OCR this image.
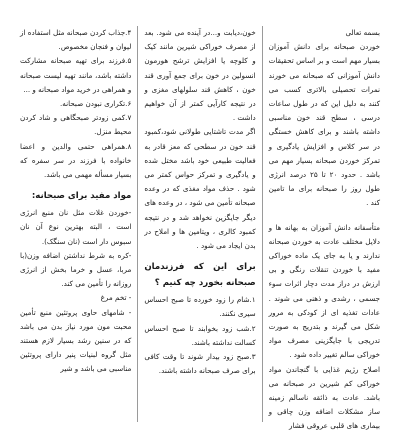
بسمه تعالی

خوردن صبحانه برای دانش آموزان بسیار مهم است و بر اساس تحقیقات دانش آموزانی که صبحانه می خورند نمرات تحصیلی بالاتری کسب می کنند به دلیل این که در طول ساعات درسی ، سطح قند خون مناسبی داشته باشند و برای کاهش خستگی در سر کلاس و افزایش یادگیری و تمرکز خوردن صبحانه بسیار مهم می باشد . حدود ۲۰ تا ۲۵ درصد انرژی طول روز را صبحانه برای ما تامین کند .

متأسفانه دانش آموزان به بهانه ها و دلایل مختلف عادت به خوردن صبحانه ندارند و یا به جای یک ماده خوراکی مفید با خوردن تنقلات رنگی و بی ارزش در دراز مدت دچار اثرات سوء جسمی ، رشدی و ذهنی می شوند . عادات تغذیه ای از کودکی به مرور شکل می گیرند و بتدریج به صورت تدریجی با جایگزینی مصرف مواد خوراکی سالم تغییر داده شود .

اصلاح رژیم غذایی با گنجاندن مواد خوراکی کم شیرین در صبحانه می باشد. عادت به ذائقه ناسالم زمینه ساز مشکلات اضافه وزن چاقی و بیماری های قلبی عروقی فشار

خون،دیابت و...در آینده می شود. بعد از مصرف خوراکی شیرین مانند کیک و کلوچه یا افزایش ترشح هورمون انسولین در خون برای جمع آوری قند خون ، کاهش قند سلولهای مغزی و در نتیجه کارآیی کمتر از آن خواهیم داشت .

اگر مدت تاشتایی طولانی شود،کمبود قند خون در سطحی که معز قادر به فعالیت طبیعی خود باشد مختل شده و یادگیری و تمرکز حواس کمتر می شود . حذف مواد مغذی که در وعده صبحانه تأمین می شود ، در وعده های دیگر جایگزین نخواهد شد و در نتیجه کمبود کالری ، ویتامین ها و املاح در بدن ایجاد می شود .

برای این که فرزندمان صبحانه بخورد چه کنیم ؟

۱.شام را زود خورده تا صبح احساس سیری نکنند.

۲.شب زود بخوابند تا صبح احساس کسالت نداشته باشند.

۳.صبح زود بیدار شوند تا وقت کافی برای صرف صبحانه داشته باشند.

۴.جذاب کردن صبحانه مثل استفاده از لیوان و فنجان مخصوص.

۵.فرزند برای تهیه صبحانه مشارکت داشته باشد، مانند تهیه لیست صبحانه و همراهی در خرید مواد صبحانه و ...

۶.تکراری نبودن صبحانه.

۷.کمی زودتر صبحگاهی و شاد کردن محیط منزل.

۸.همراهی حتمی والدین و اعضا خانواده با فرزند در سر سفره که بسیار مسأله مهمی می باشد.

مواد مفید برای صبحانه:

-خوردن غلات مثل نان منبع انرژی است ، البته بهترین نوع آن نان سبوس دار است (نان سنگک).

-کره به شرط نداشتن اضافه وزن(با مربا، عسل و خرما بخش از انرژی روزانه را تأمین می کند.

- تخم مرغ

- شامهای حاوی پروتئین منبع تأمین محبت مون مورد نیاز بدن می باشد که در سنین رشد بسیار لازم هستند مثل گروه لبنیات پنیر دارای پروتئین مناسبی می باشد و شیر
